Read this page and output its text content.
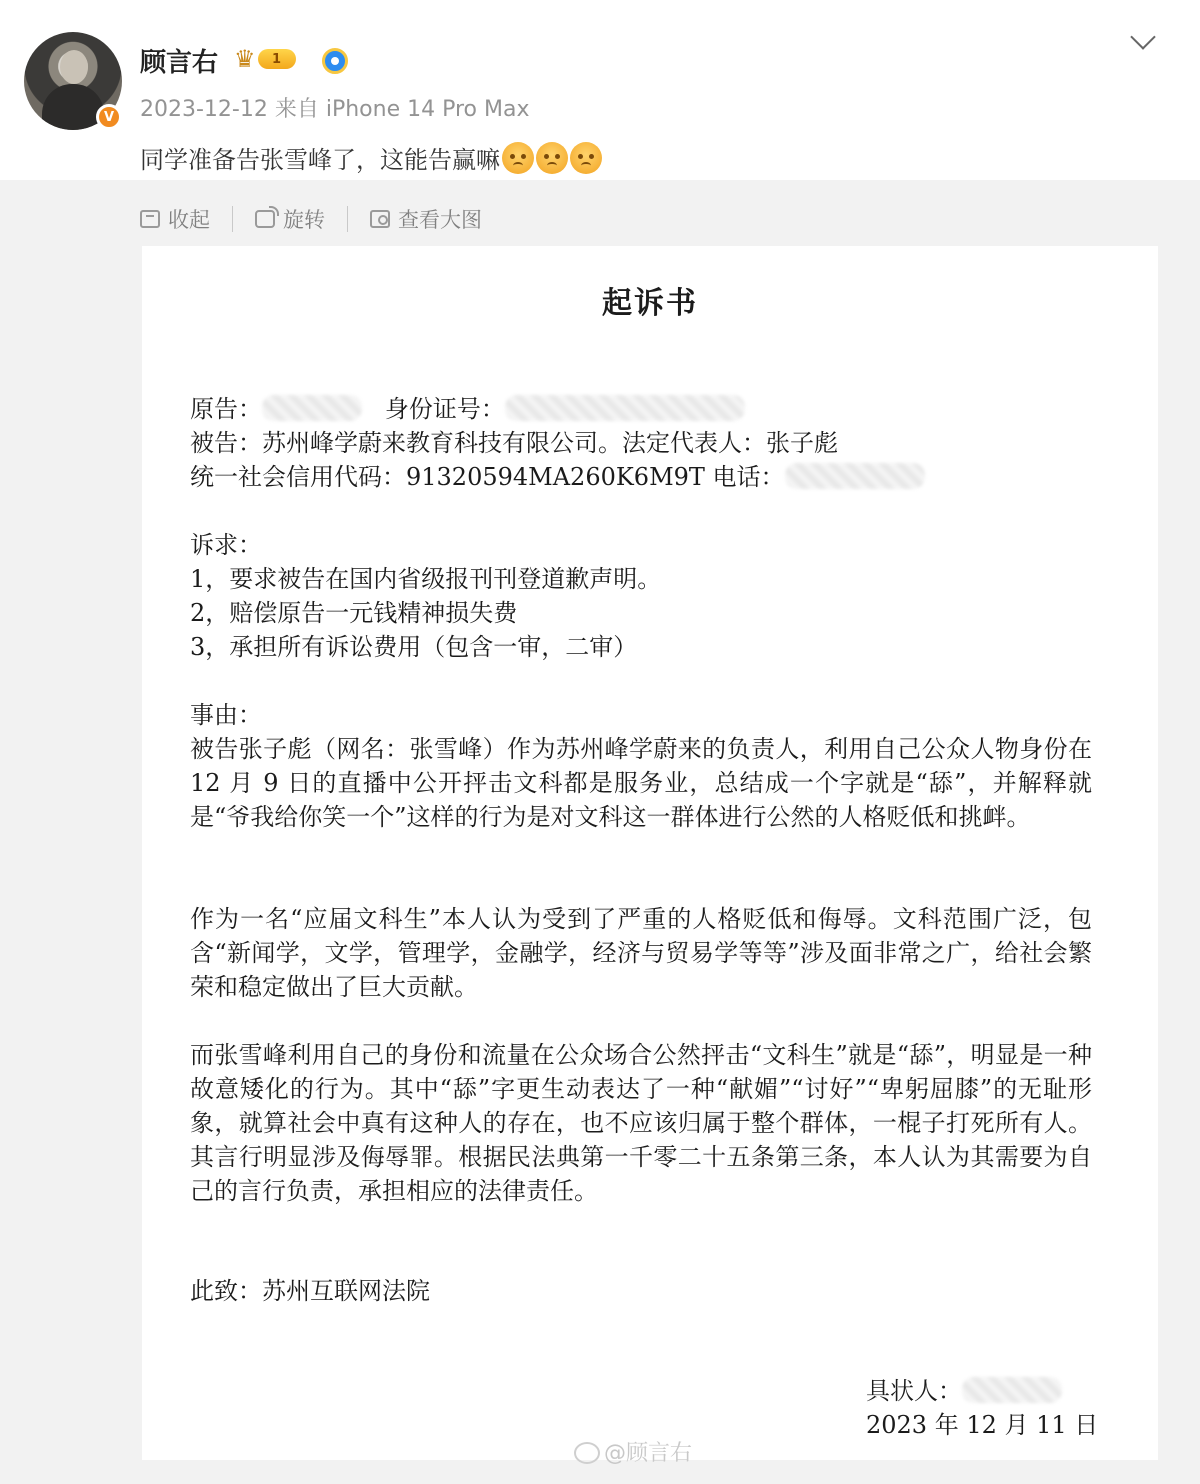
V
顾言右 ♛	1
2023-12-12 来自 iPhone 14 Pro Max
同学准备告张雪峰了，这能告赢嘛
收起	旋转	查看大图
起诉书
原告：	身份证号：
被告：苏州峰学蔚来教育科技有限公司。法定代表人：张子彪
统一社会信用代码：91320594MA260K6M9T 电话：
诉求：
1，要求被告在国内省级报刊刊登道歉声明。
2，赔偿原告一元钱精神损失费
3，承担所有诉讼费用（包含一审，二审）
事由：
被告张子彪（网名：张雪峰）作为苏州峰学蔚来的负责人，利用自己公众人物身份在 12 月 9 日的直播中公开抨击文科都是服务业，总结成一个字就是“舔”，并解释就是“爷我给你笑一个”这样的行为是对文科这一群体进行公然的人格贬低和挑衅。
作为一名“应届文科生”本人认为受到了严重的人格贬低和侮辱。文科范围广泛，包含“新闻学，文学，管理学，金融学，经济与贸易学等等”涉及面非常之广，给社会繁荣和稳定做出了巨大贡献。
而张雪峰利用自己的身份和流量在公众场合公然抨击“文科生”就是“舔”，明显是一种故意矮化的行为。其中“舔”字更生动表达了一种“献媚”“讨好”“卑躬屈膝”的无耻形象，就算社会中真有这种人的存在，也不应该归属于整个群体，一棍子打死所有人。其言行明显涉及侮辱罪。根据民法典第一千零二十五条第三条，本人认为其需要为自己的言行负责，承担相应的法律责任。
此致：苏州互联网法院
具状人：
2023 年 12 月 11 日
@顾言右
